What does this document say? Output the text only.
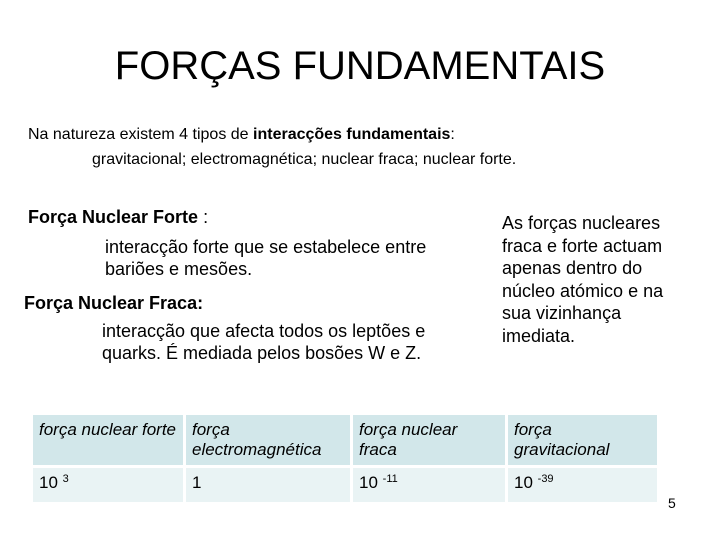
FORÇAS FUNDAMENTAIS
Na natureza existem 4 tipos de interacções fundamentais:
gravitacional; electromagnética; nuclear fraca; nuclear forte.
Força Nuclear Forte :
interacção forte que se estabelece entre bariões e mesões.
Força Nuclear Fraca:
interacção que afecta todos os leptões e quarks. É mediada pelos bosões W e Z.
As forças nucleares fraca e forte actuam apenas dentro do núcleo atómico e na sua vizinhança imediata.
força nuclear forte	força electromagnética	força nuclear fraca	força gravitacional
10 $^3$	1	10 $^{-11}$	10 $^{-39}$
5
